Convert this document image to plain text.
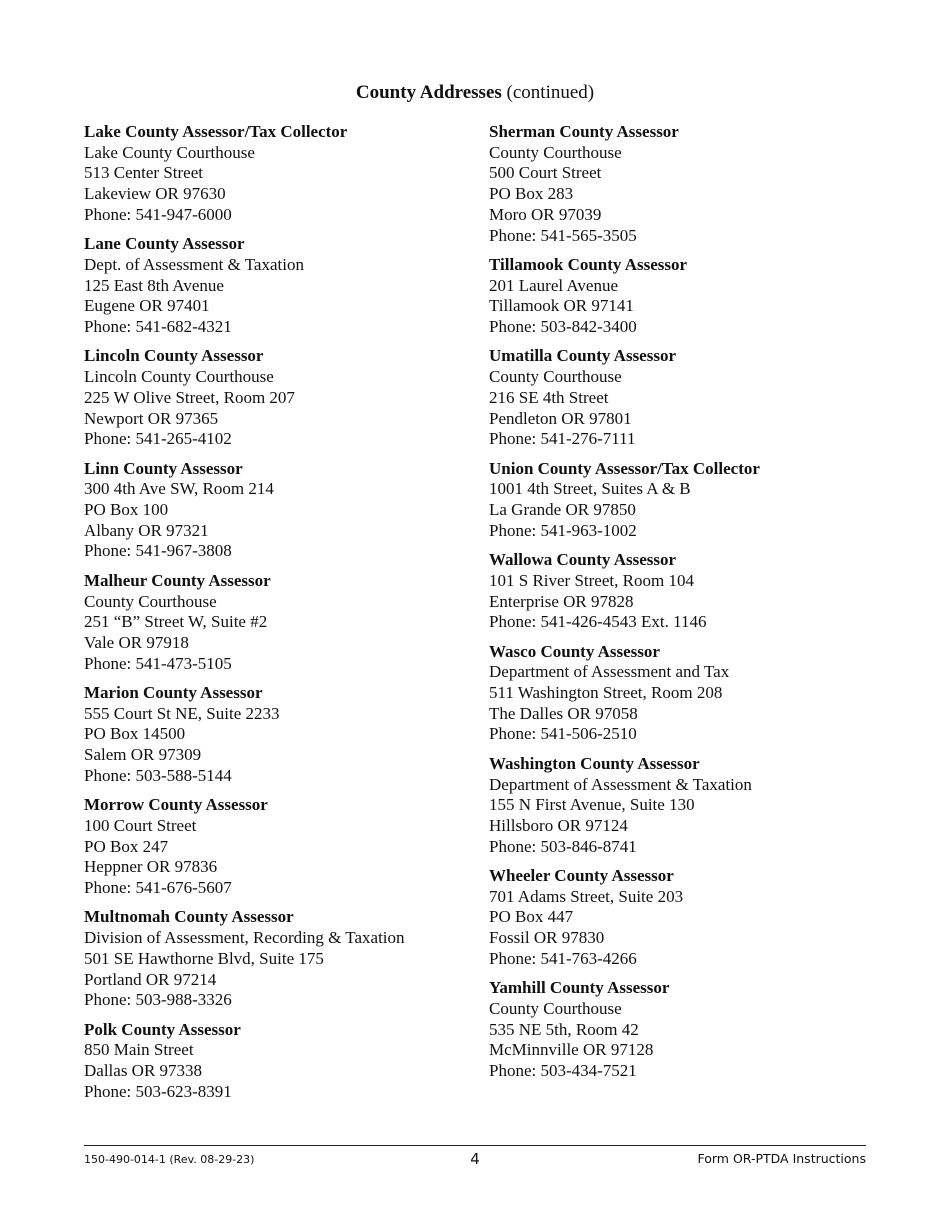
County Addresses (continued)
Lake County Assessor/Tax Collector
Lake County Courthouse
513 Center Street
Lakeview OR 97630
Phone: 541-947-6000
Lane County Assessor
Dept. of Assessment & Taxation
125 East 8th Avenue
Eugene OR 97401
Phone: 541-682-4321
Lincoln County Assessor
Lincoln County Courthouse
225 W Olive Street, Room 207
Newport OR 97365
Phone: 541-265-4102
Linn County Assessor
300 4th Ave SW, Room 214
PO Box 100
Albany OR 97321
Phone: 541-967-3808
Malheur County Assessor
County Courthouse
251 “B” Street W, Suite #2
Vale OR 97918
Phone: 541-473-5105
Marion County Assessor
555 Court St NE, Suite 2233
PO Box 14500
Salem OR 97309
Phone: 503-588-5144
Morrow County Assessor
100 Court Street
PO Box 247
Heppner OR 97836
Phone: 541-676-5607
Multnomah County Assessor
Division of Assessment, Recording & Taxation
501 SE Hawthorne Blvd, Suite 175
Portland OR 97214
Phone: 503-988-3326
Polk County Assessor
850 Main Street
Dallas OR 97338
Phone: 503-623-8391
Sherman County Assessor
County Courthouse
500 Court Street
PO Box 283
Moro OR 97039
Phone: 541-565-3505
Tillamook County Assessor
201 Laurel Avenue
Tillamook OR 97141
Phone: 503-842-3400
Umatilla County Assessor
County Courthouse
216 SE 4th Street
Pendleton OR 97801
Phone: 541-276-7111
Union County Assessor/Tax Collector
1001 4th Street, Suites A & B
La Grande OR 97850
Phone: 541-963-1002
Wallowa County Assessor
101 S River Street, Room 104
Enterprise OR 97828
Phone: 541-426-4543 Ext. 1146
Wasco County Assessor
Department of Assessment and Tax
511 Washington Street, Room 208
The Dalles OR 97058
Phone: 541-506-2510
Washington County Assessor
Department of Assessment & Taxation
155 N First Avenue, Suite 130
Hillsboro OR 97124
Phone: 503-846-8741
Wheeler County Assessor
701 Adams Street, Suite 203
PO Box 447
Fossil OR 97830
Phone: 541-763-4266
Yamhill County Assessor
County Courthouse
535 NE 5th, Room 42
McMinnville OR 97128
Phone: 503-434-7521
150-490-014-1 (Rev. 08-29-23)	4	Form OR-PTDA Instructions
